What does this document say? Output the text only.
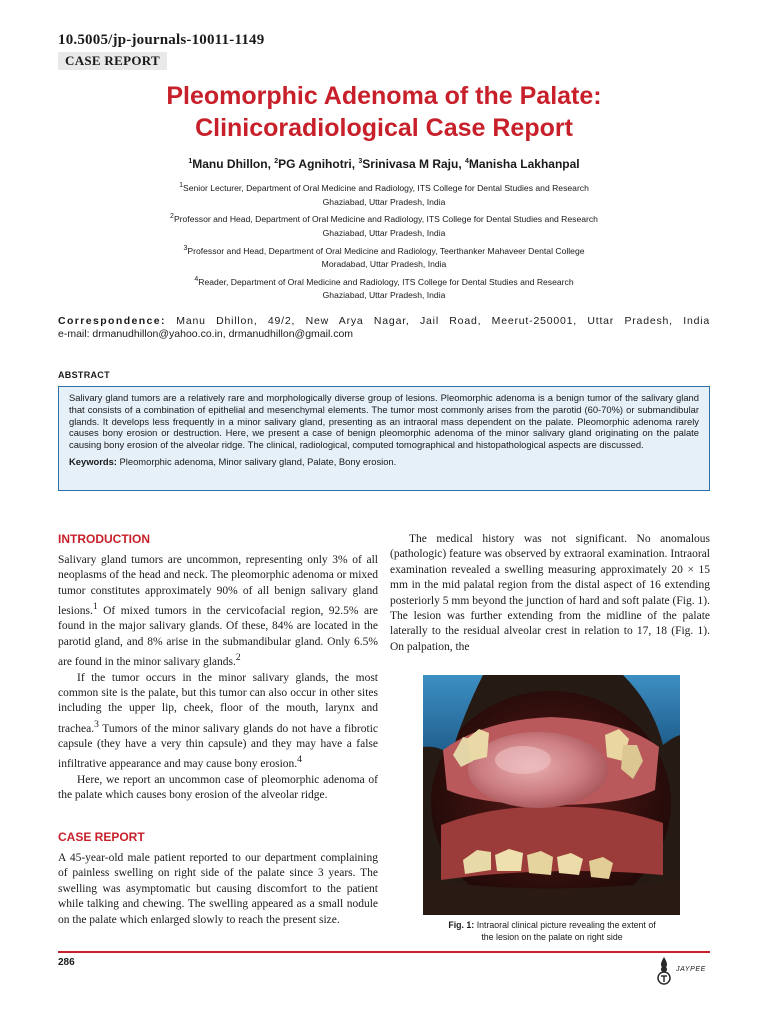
10.5005/jp-journals-10011-1149
CASE REPORT
Pleomorphic Adenoma of the Palate:
Clinicoradiological Case Report
$^1$Manu Dhillon, $^2$PG Agnihotri, $^3$Srinivasa M Raju, $^4$Manisha Lakhanpal
$^1$Senior Lecturer, Department of Oral Medicine and Radiology, ITS College for Dental Studies and Research
Ghaziabad, Uttar Pradesh, India
$^2$Professor and Head, Department of Oral Medicine and Radiology, ITS College for Dental Studies and Research
Ghaziabad, Uttar Pradesh, India
$^3$Professor and Head, Department of Oral Medicine and Radiology, Teerthanker Mahaveer Dental College
Moradabad, Uttar Pradesh, India
$^4$Reader, Department of Oral Medicine and Radiology, ITS College for Dental Studies and Research
Ghaziabad, Uttar Pradesh, India
Correspondence: Manu Dhillon, 49/2, New Arya Nagar, Jail Road, Meerut-250001, Uttar Pradesh, India
e-mail: drmanudhillon@yahoo.co.in, drmanudhillon@gmail.com
ABSTRACT

Salivary gland tumors are a relatively rare and morphologically diverse group of lesions. Pleomorphic adenoma is a benign tumor of the salivary gland that consists of a combination of epithelial and mesenchymal elements. The tumor most commonly arises from the parotid (60-70%) or submandibular glands. It develops less frequently in a minor salivary gland, presenting as an intraoral mass dependent on the palate. Pleomorphic adenoma rarely causes bony erosion or destruction. Here, we present a case of benign pleomorphic adenoma of the minor salivary gland originating on the palate causing bony erosion of the alveolar ridge. The clinical, radiological, computed tomographical and histopathological aspects are discussed.

Keywords: Pleomorphic adenoma, Minor salivary gland, Palate, Bony erosion.

INTRODUCTION

Salivary gland tumors are uncommon, representing only 3% of all neoplasms of the head and neck. The pleomorphic adenoma or mixed tumor constitutes approximately 90% of all benign salivary gland lesions.$^1$ Of mixed tumors in the cervicofacial region, 92.5% are found in the major salivary glands. Of these, 84% are located in the parotid gland, and 8% arise in the submandibular gland. Only 6.5% are found in the minor salivary glands.$^2$

If the tumor occurs in the minor salivary glands, the most common site is the palate, but this tumor can also occur in other sites including the upper lip, cheek, floor of the mouth, larynx and trachea.$^3$ Tumors of the minor salivary glands do not have a fibrotic capsule (they have a very thin capsule) and they may have a false infiltrative appearance and may cause bony erosion.$^4$

Here, we report an uncommon case of pleomorphic adenoma of the palate which causes bony erosion of the alveolar ridge.

CASE REPORT

A 45-year-old male patient reported to our department complaining of painless swelling on right side of the palate since 3 years. The swelling was asymptomatic but causing discomfort to the patient while talking and chewing. The swelling appeared as a small nodule on the palate which enlarged slowly to reach the present size.

The medical history was not significant. No anomalous (pathologic) feature was observed by extraoral examination. Intraoral examination revealed a swelling measuring approximately 20 × 15 mm in the mid palatal region from the distal aspect of 16 extending posteriorly 5 mm beyond the junction of hard and soft palate (Fig. 1). The lesion was further extending from the midline of the palate laterally to the residual alveolar crest in relation to 17, 18 (Fig. 1). On palpation, the

Fig. 1: Intraoral clinical picture revealing the extent of
the lesion on the palate on right side
286
JAYPEE
